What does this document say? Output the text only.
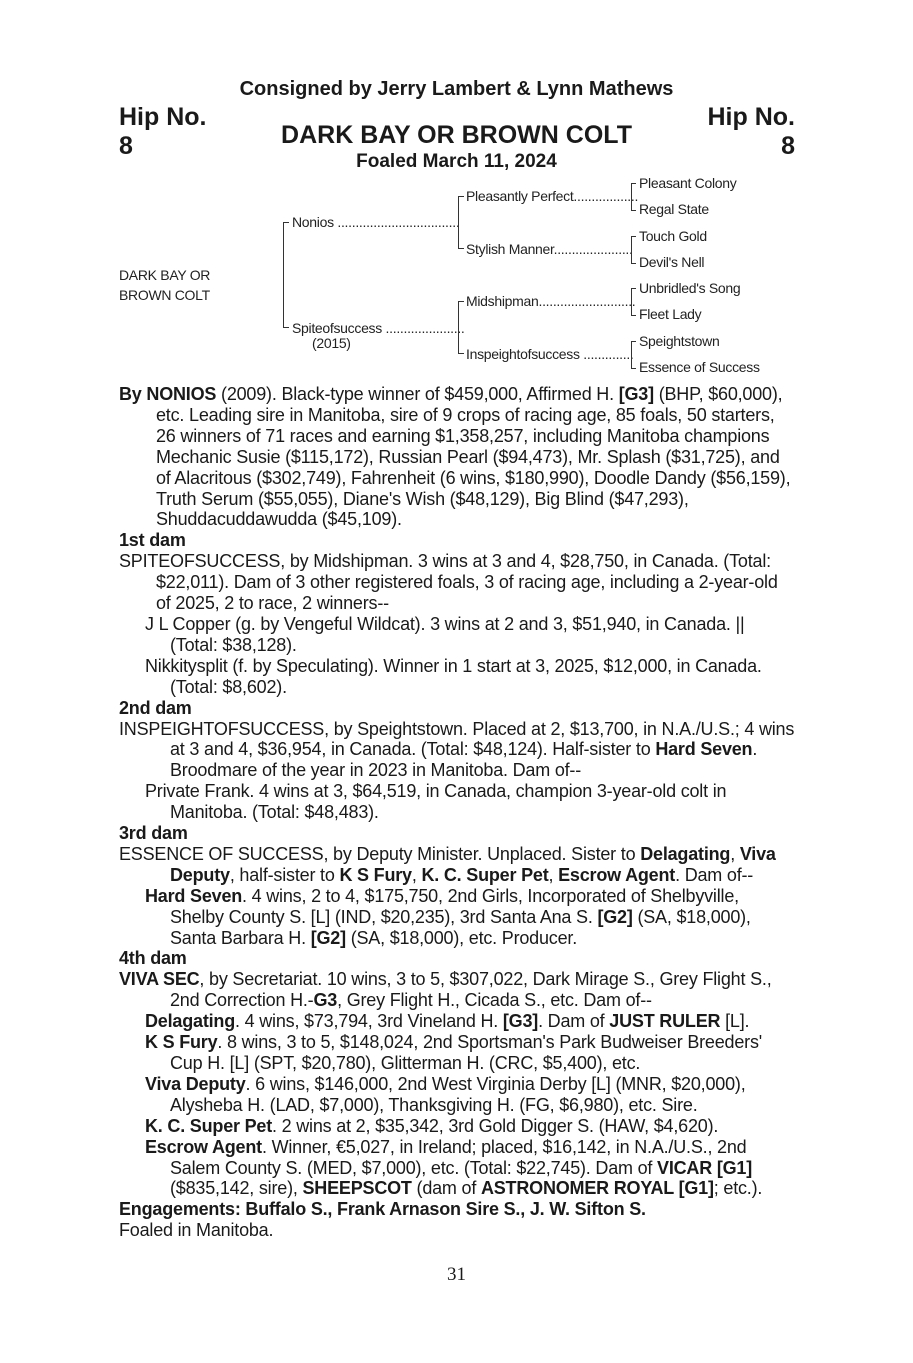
Consigned by Jerry Lambert & Lynn Mathews
Hip No.
8
Hip No.
8
DARK BAY OR BROWN COLT
Foaled March 11, 2024
DARK BAY OR
BROWN COLT
Nonios ..................................
Spiteofsuccess ......................
(2015)
Pleasantly Perfect..................
Stylish Manner......................
Midshipman...........................
Inspeightofsuccess ..............
Pleasant Colony
Regal State
Touch Gold
Devil's Nell
Unbridled's Song
Fleet Lady
Speightstown
Essence of Success

By NONIOS (2009). Black-type winner of $459,000, Affirmed H. [G3] (BHP, $60,000), etc. Leading sire in Manitoba, sire of 9 crops of racing age, 85 foals, 50 starters, 26 winners of 71 races and earning $1,358,257, including Manitoba champions Mechanic Susie ($115,172), Russian Pearl ($94,473), Mr. Splash ($31,725), and of Alacritous ($302,749), Fahrenheit (6 wins, $180,990), Doodle Dandy ($56,159), Truth Serum ($55,055), Diane's Wish ($48,129), Big Blind ($47,293), Shuddacuddawudda ($45,109).

1st dam

SPITEOFSUCCESS, by Midshipman. 3 wins at 3 and 4, $28,750, in Canada. (Total: $22,011). Dam of 3 other registered foals, 3 of racing age, including a 2-year-old of 2025, 2 to race, 2 winners--

J L Copper (g. by Vengeful Wildcat). 3 wins at 2 and 3, $51,940, in Canada. || (Total: $38,128).

Nikkitysplit (f. by Speculating). Winner in 1 start at 3, 2025, $12,000, in Canada. (Total: $8,602).

2nd dam

INSPEIGHTOFSUCCESS, by Speightstown. Placed at 2, $13,700, in N.A./U.S.; 4 wins at 3 and 4, $36,954, in Canada. (Total: $48,124). Half-sister to Hard Seven. Broodmare of the year in 2023 in Manitoba. Dam of--

Private Frank. 4 wins at 3, $64,519, in Canada, champion 3-year-old colt in Manitoba. (Total: $48,483).

3rd dam

ESSENCE OF SUCCESS, by Deputy Minister. Unplaced. Sister to Delagating, Viva Deputy, half-sister to K S Fury, K. C. Super Pet, Escrow Agent. Dam of--

Hard Seven. 4 wins, 2 to 4, $175,750, 2nd Girls, Incorporated of Shelbyville, Shelby County S. [L] (IND, $20,235), 3rd Santa Ana S. [G2] (SA, $18,000), Santa Barbara H. [G2] (SA, $18,000), etc. Producer.

4th dam

VIVA SEC, by Secretariat. 10 wins, 3 to 5, $307,022, Dark Mirage S., Grey Flight S., 2nd Correction H.-G3, Grey Flight H., Cicada S., etc. Dam of--

Delagating. 4 wins, $73,794, 3rd Vineland H. [G3]. Dam of JUST RULER [L].

K S Fury. 8 wins, 3 to 5, $148,024, 2nd Sportsman's Park Budweiser Breeders' Cup H. [L] (SPT, $20,780), Glitterman H. (CRC, $5,400), etc.

Viva Deputy. 6 wins, $146,000, 2nd West Virginia Derby [L] (MNR, $20,000), Alysheba H. (LAD, $7,000), Thanksgiving H. (FG, $6,980), etc. Sire.

K. C. Super Pet. 2 wins at 2, $35,342, 3rd Gold Digger S. (HAW, $4,620).

Escrow Agent. Winner, €5,027, in Ireland; placed, $16,142, in N.A./U.S., 2nd Salem County S. (MED, $7,000), etc. (Total: $22,745). Dam of VICAR [G1] ($835,142, sire), SHEEPSCOT (dam of ASTRONOMER ROYAL [G1]; etc.).

Engagements: Buffalo S., Frank Arnason Sire S., J. W. Sifton S.

Foaled in Manitoba.

31
